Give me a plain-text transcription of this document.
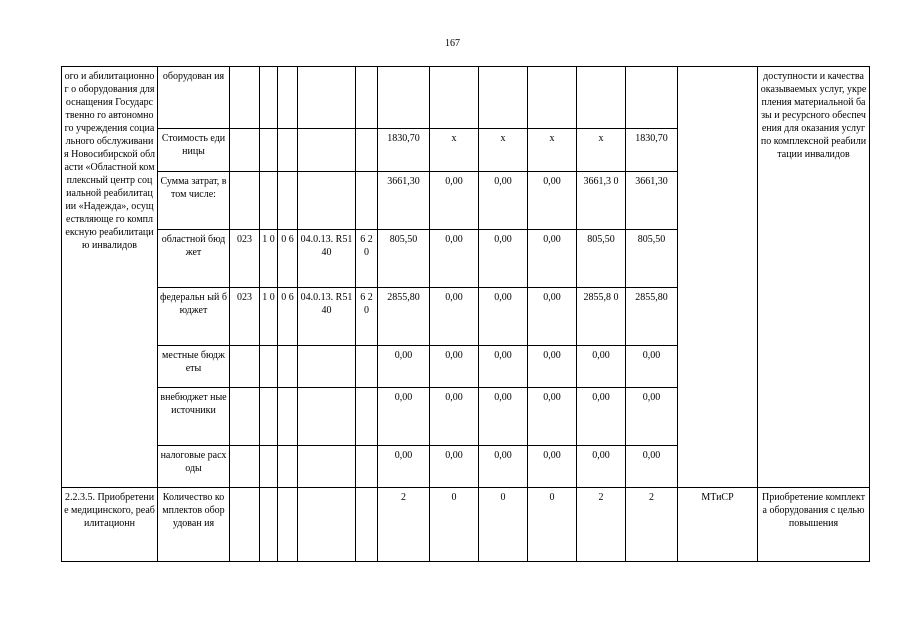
167
ого и абилитационног о оборудования для оснащения Государственно го автономного учреждения социального обслуживания Новосибирской области «Областной комплексный центр социальной реабилитации «Надежда», осуществляюще го комплексную реабилитацию инвалидов	оборудован ия													доступности и качества оказываемых услуг, укрепления материальной базы и ресурсного обеспечения для оказания услуг по комплексной реабилитации инвалидов
	Стоимость единицы						1830,70	х	х	х	х	1830,70		
	Сумма затрат, в том числе:						3661,30	0,00	0,00	0,00	3661,3 0	3661,30		
	областной бюджет	023	1 0	0 6	04.0.13. R5140	6 2 0	805,50	0,00	0,00	0,00	805,50	805,50		
	федеральн ый бюджет	023	1 0	0 6	04.0.13. R5140	6 2 0	2855,80	0,00	0,00	0,00	2855,8 0	2855,80		
	местные бюджеты						0,00	0,00	0,00	0,00	0,00	0,00		
	внебюджет ные источники						0,00	0,00	0,00	0,00	0,00	0,00		
	налоговые расходы						0,00	0,00	0,00	0,00	0,00	0,00		
2.2.3.5. Приобретение медицинского, реабилитационн	Количество комплектов оборудован ия						2	0	0	0	2	2	МТиСР	Приобретение комплекта оборудования с целью повышения
